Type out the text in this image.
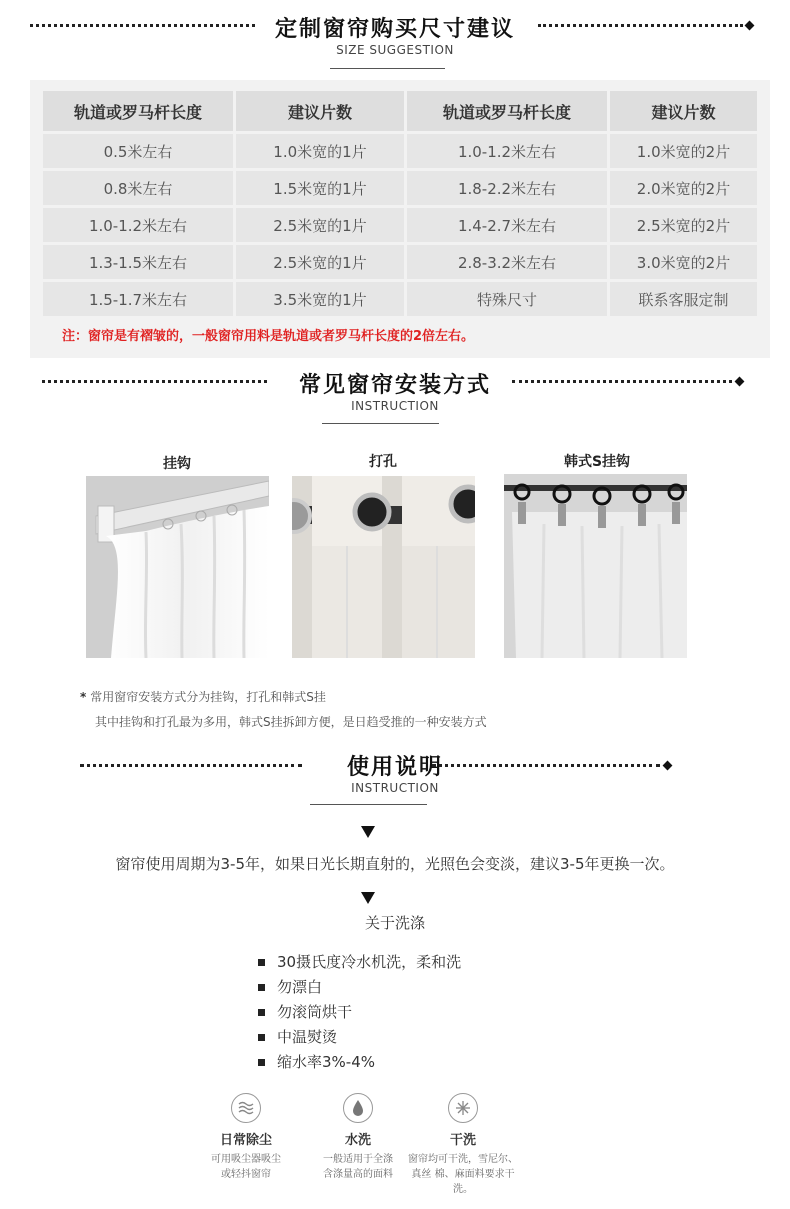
定制窗帘购买尺寸建议
SIZE SUGGESTION
轨道或罗马杆长度	建议片数	轨道或罗马杆长度	建议片数
0.5米左右	1.0米宽的1片	1.0-1.2米左右	1.0米宽的2片
0.8米左右	1.5米宽的1片	1.8-2.2米左右	2.0米宽的2片
1.0-1.2米左右	2.5米宽的1片	1.4-2.7米左右	2.5米宽的2片
1.3-1.5米左右	2.5米宽的1片	2.8-3.2米左右	3.0米宽的2片
1.5-1.7米左右	3.5米宽的1片	特殊尺寸	联系客服定制
注：窗帘是有褶皱的，一般窗帘用料是轨道或者罗马杆长度的2倍左右。
常见窗帘安装方式
INSTRUCTION
挂钩	打孔	韩式S挂钩
* 常用窗帘安装方式分为挂钩，打孔和韩式S挂
其中挂钩和打孔最为多用，韩式S挂拆卸方便，是日趋受推的一种安装方式
使用说明
INSTRUCTION
窗帘使用周期为3-5年，如果日光长期直射的，光照色会变淡，建议3-5年更换一次。
关于洗涤
30摄氏度冷水机洗，柔和洗
勿漂白
勿滚筒烘干
中温熨烫
缩水率3%-4%
日常除尘
可用吸尘器吸尘
或轻抖窗帘
水洗
一般适用于全涤
含涤量高的面料
干洗
窗帘均可干洗，雪尼尔、
真丝 棉、麻面料要求干洗。
